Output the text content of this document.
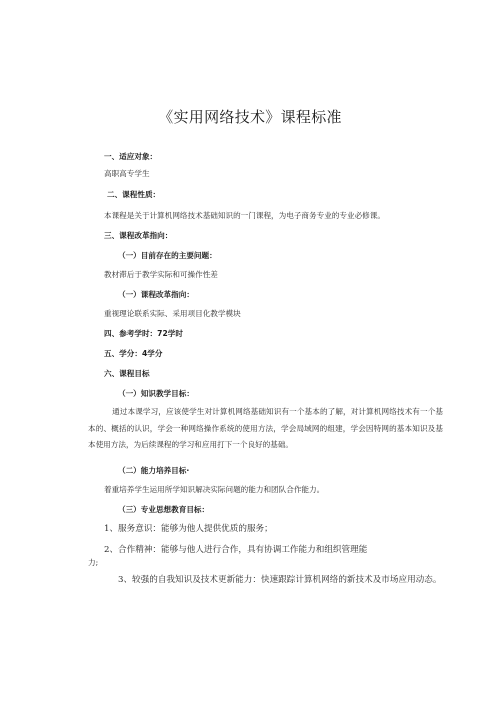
《实用网络技术》课程标准
一、适应对象：
高职高专学生
二、课程性质：
本课程是关于计算机网络技术基础知识的一门课程，为电子商务专业的专业必修课。
三、课程改革指向：
（一）目前存在的主要问题：
教材滞后于教学实际和可操作性差
（一）课程改革指向：
重视理论联系实际、采用项目化教学模块
四、参考学时：72学时
五、学分：4学分
六、课程目标
（一）知识教学目标：
通过本课学习，应该使学生对计算机网络基础知识有一个基本的了解，对计算机网络技术有一个基本的、概括的认识，学会一种网络操作系统的使用方法，学会局域网的组建，学会因特网的基本知识及基本使用方法，为后续课程的学习和应用打下一个良好的基础。
（二）能力培养目标·
着重培养学生运用所学知识解决实际问题的能力和团队合作能力。
（三）专业思想教育目标：
1、服务意识：能够为他人提供优质的服务；
2、合作精神：能够与他人进行合作，具有协调工作能力和组织管理能
力;
3、较强的自我知识及技术更新能力：快速跟踪计算机网络的新技术及市场应用动态。
